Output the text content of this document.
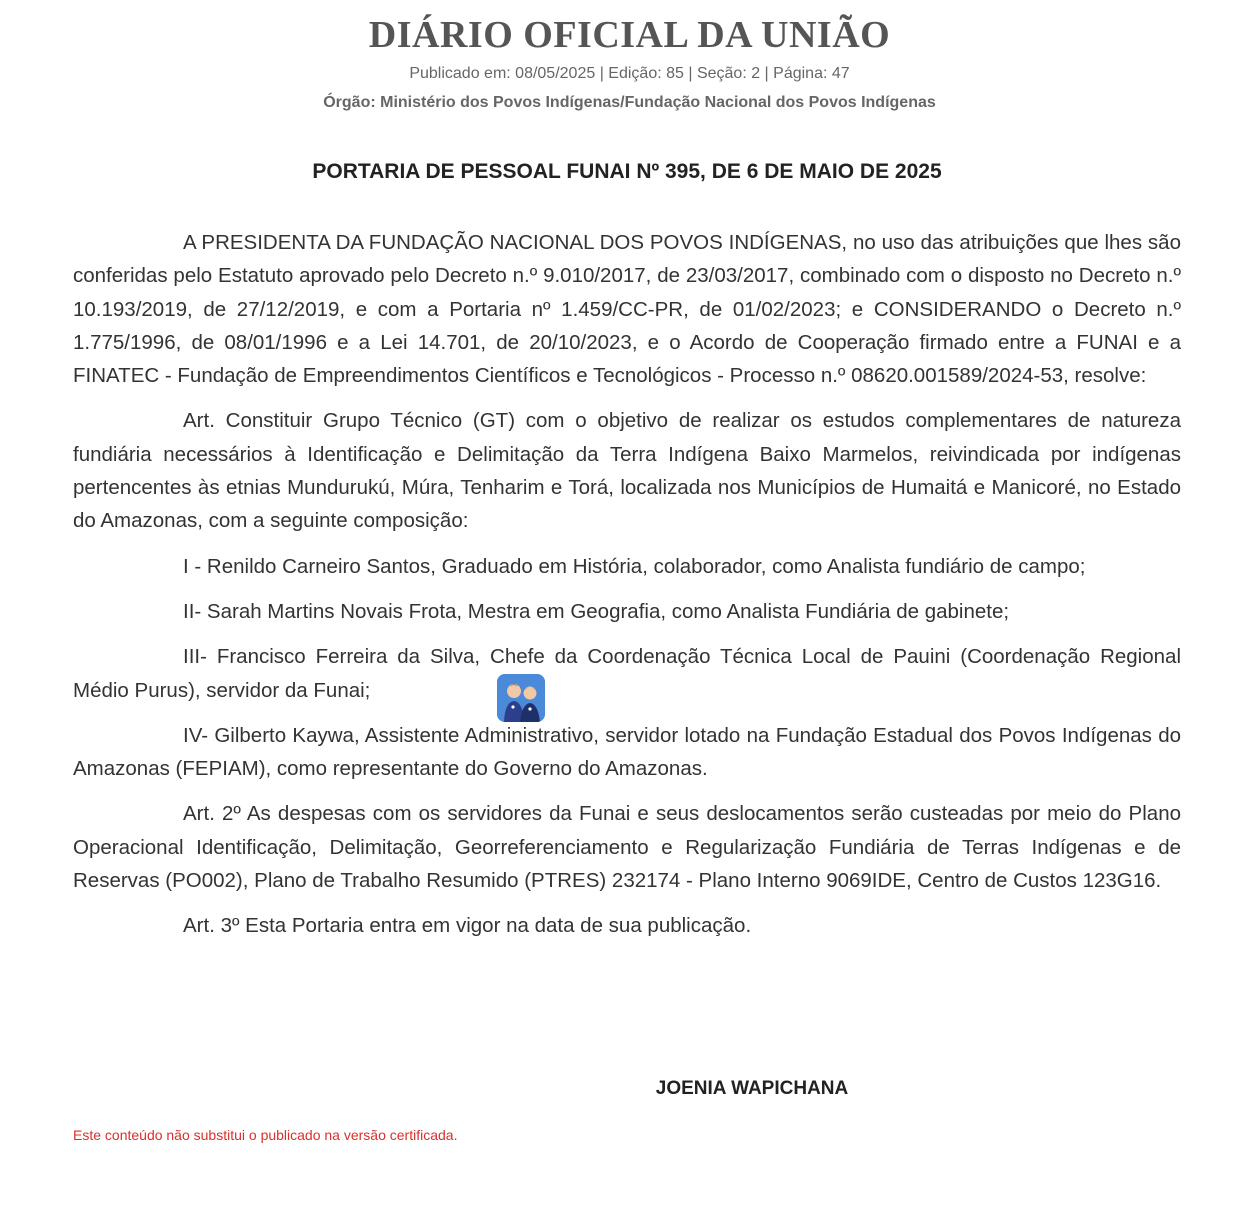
DIÁRIO OFICIAL DA UNIÃO
Publicado em: 08/05/2025 | Edição: 85 | Seção: 2 | Página: 47
Órgão: Ministério dos Povos Indígenas/Fundação Nacional dos Povos Indígenas
PORTARIA DE PESSOAL FUNAI Nº 395, DE 6 DE MAIO DE 2025

A PRESIDENTA DA FUNDAÇÃO NACIONAL DOS POVOS INDÍGENAS, no uso das atribuições que lhes são conferidas pelo Estatuto aprovado pelo Decreto n.º 9.010/2017, de 23/03/2017, combinado com o disposto no Decreto n.º 10.193/2019, de 27/12/2019, e com a Portaria nº 1.459/CC-PR, de 01/02/2023; e CONSIDERANDO o Decreto n.º 1.775/1996, de 08/01/1996 e a Lei 14.701, de 20/10/2023, e o Acordo de Cooperação firmado entre a FUNAI e a FINATEC - Fundação de Empreendimentos Científicos e Tecnológicos - Processo n.º 08620.001589/2024-53, resolve:

Art. Constituir Grupo Técnico (GT) com o objetivo de realizar os estudos complementares de natureza fundiária necessários à Identificação e Delimitação da Terra Indígena Baixo Marmelos, reivindicada por indígenas pertencentes às etnias Mundurukú, Múra, Tenharim e Torá, localizada nos Municípios de Humaitá e Manicoré, no Estado do Amazonas, com a seguinte composição:

I - Renildo Carneiro Santos, Graduado em História, colaborador, como Analista fundiário de campo;

II- Sarah Martins Novais Frota, Mestra em Geografia, como Analista Fundiária de gabinete;

III- Francisco Ferreira da Silva, Chefe da Coordenação Técnica Local de Pauini (Coordenação Regional Médio Purus), servidor da Funai;

IV- Gilberto Kaywa, Assistente Administrativo, servidor lotado na Fundação Estadual dos Povos Indígenas do Amazonas (FEPIAM), como representante do Governo do Amazonas.

Art. 2º As despesas com os servidores da Funai e seus deslocamentos serão custeadas por meio do Plano Operacional Identificação, Delimitação, Georreferenciamento e Regularização Fundiária de Terras Indígenas e de Reservas (PO002), Plano de Trabalho Resumido (PTRES) 232174 - Plano Interno 9069IDE, Centro de Custos 123G16.

Art. 3º Esta Portaria entra em vigor na data de sua publicação.

JOENIA WAPICHANA
Este conteúdo não substitui o publicado na versão certificada.
